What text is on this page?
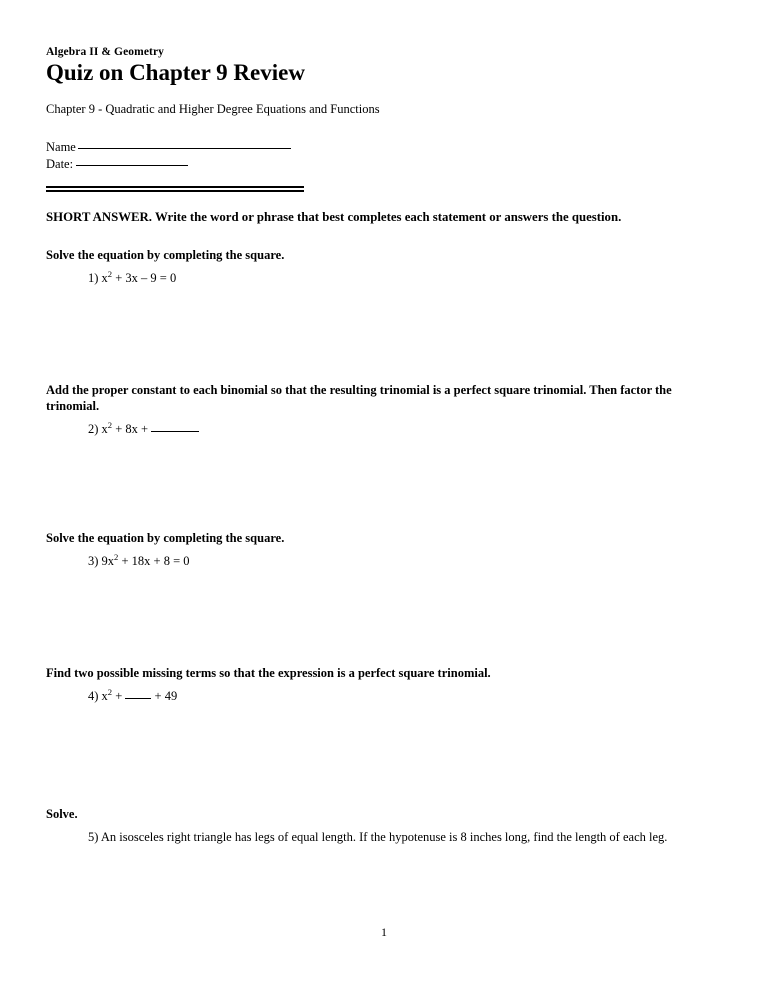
Algebra II & Geometry
Quiz on Chapter 9 Review
Chapter 9 - Quadratic and Higher Degree Equations and Functions
Name
Date:
SHORT ANSWER. Write the word or phrase that best completes each statement or answers the question.
Solve the equation by completing the square.
1) $x^2 + 3x - 9 = 0$
Add the proper constant to each binomial so that the resulting trinomial is a perfect square trinomial. Then factor the trinomial.
2) $x^2 + 8x$ +
Solve the equation by completing the square.
3) $9x^2 + 18x + 8 = 0$
Find two possible missing terms so that the expression is a perfect square trinomial.
4) $x^2$ +  + 49
Solve.
5) An isosceles right triangle has legs of equal length. If the hypotenuse is 8 inches long, find the length of each leg.
1
